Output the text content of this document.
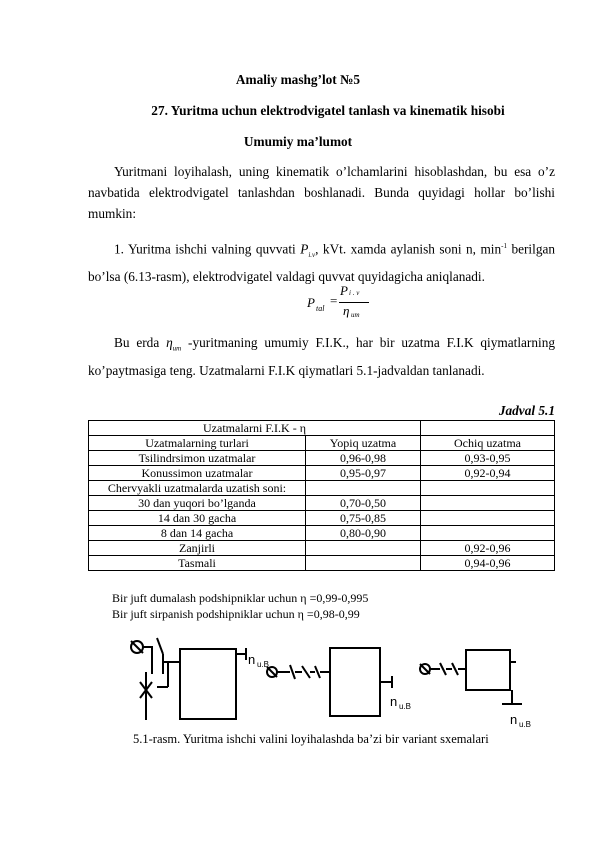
Amaliy mashg’lot №5
27. Yuritma uchun elektrodvigatel tanlash va kinematik hisobi
Umumiy ma’lumot
Yuritmani loyihalash, uning kinematik o’lchamlarini hisoblashdan, bu esa o’z navbatida elektrodvigatel tanlashdan boshlanadi. Bunda quyidagi hollar bo’lishi mumkin:
1. Yuritma ishchi valning quvvati $P_{i.v}$, kVt. xamda aylanish soni n, $\min^{-1}$ berilgan bo’lsa (6.13-rasm), elektrodvigatel valdagi quvvat quyidagicha aniqlanadi.
P tal
=
P i . v
η um
Bu erda $\eta_{um}$ -yuritmaning umumiy F.I.K., har bir uzatma F.I.K qiymatlarning ko’paytmasiga teng. Uzatmalarni F.I.K qiymatlari 5.1-jadvaldan tanlanadi.
Jadval 5.1
Uzatmalarni F.I.K - η		
Uzatmalarning turlari	Yopiq uzatma	Ochiq uzatma
Tsilindrsimon uzatmalar	0,96-0,98	0,93-0,95
Konussimon uzatmalar	0,95-0,97	0,92-0,94
Chervyakli uzatmalarda uzatish soni:		
30 dan yuqori bo’lganda	0,70-0,50	
14 dan 30 gacha	0,75-0,85	
8 dan 14 gacha	0,80-0,90	
Zanjirli		0,92-0,96
Tasmali		0,94-0,96
Bir juft dumalash podshipniklar uchun η =0,99-0,995
Bir juft sirpanish podshipniklar uchun η =0,98-0,99
n u.B
n u.B
n u.B
5.1-rasm. Yuritma ishchi valini loyihalashda ba’zi bir variant sxemalari
